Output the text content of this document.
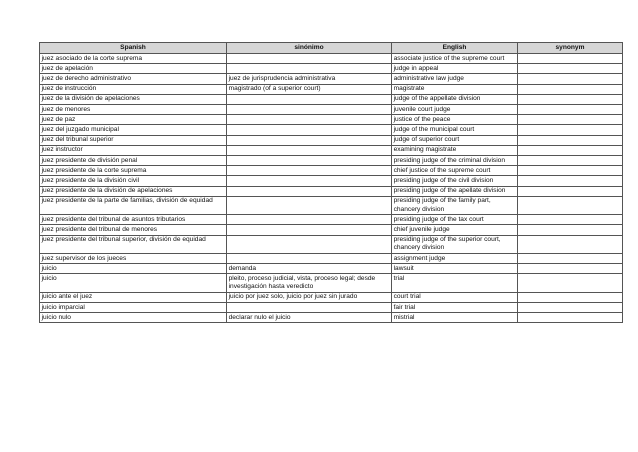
Spanish	sinónimo	English	synonym
juez asociado de la corte suprema		associate justice of the supreme court	
juez de apelación		judge in appeal	
juez de derecho administrativo	juez de jurisprudencia administrativa	administrative law judge	
juez de instrucción	magistrado (of a superior court)	magistrate	
juez de la división de apelaciones		judge of the appellate division	
juez de menores		juvenile court judge	
juez de paz		justice of the peace	
juez del juzgado municipal		judge of the municipal court	
juez del tribunal superior		judge of superior court	
juez instructor		examining magistrate	
juez presidente de división penal		presiding judge of the criminal division	
juez presidente de la corte suprema		chief justice of the supreme court	
juez presidente de la división civil		presiding judge of the civil division	
juez presidente de la división de apelaciones		presiding judge of the apellate division	
juez presidente de la parte de familias, división de equidad		presiding judge of the family part, chancery division	
juez presidente del tribunal de asuntos tributarios		presiding judge of the tax court	
juez presidente del tribunal de menores		chief juvenile judge	
juez presidente del tribunal superior, división de equidad		presiding judge of the superior court, chancery division	
juez supervisor de los jueces		assignment judge	
juicio	demanda	lawsuit	
juicio	pleito, proceso judicial, vista, proceso legal; desde investigación hasta veredicto	trial	
juicio ante el juez	juicio por juez solo, juicio por juez sin jurado	court trial	
juicio imparcial		fair trial	
juicio nulo	declarar nulo el juicio	mistrial	
